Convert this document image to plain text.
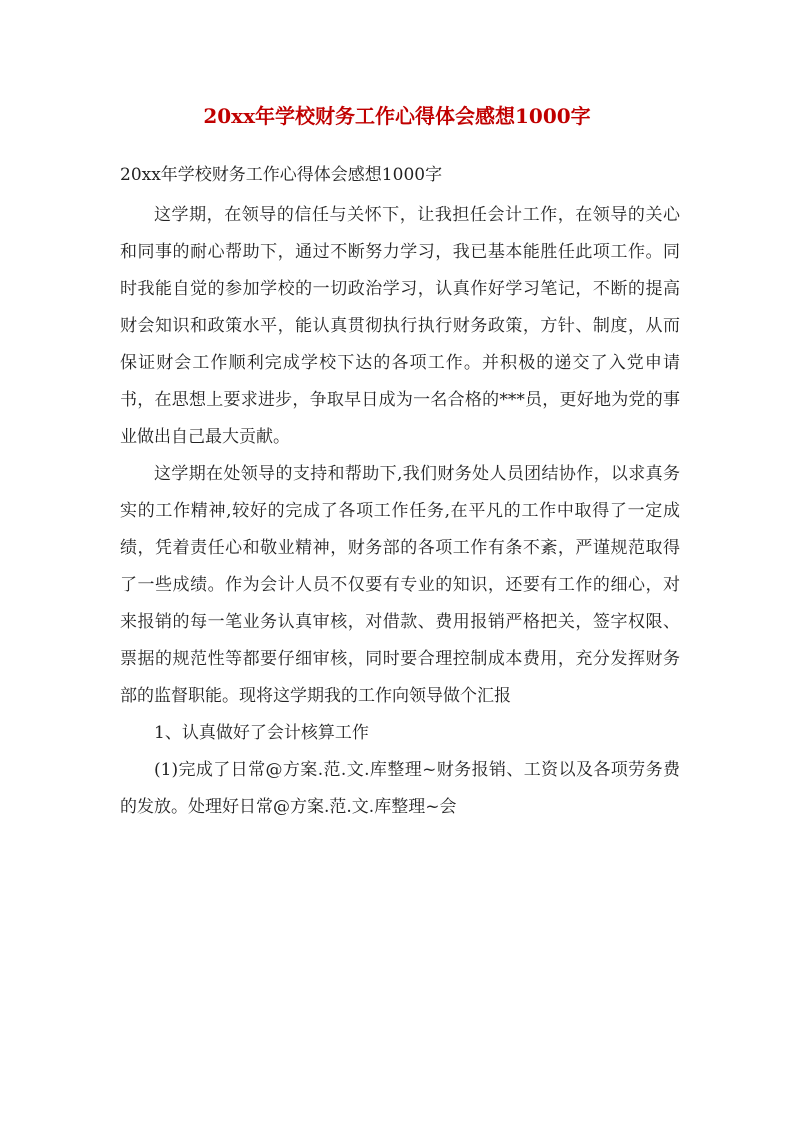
20xx年学校财务工作心得体会感想1000字

20xx年学校财务工作心得体会感想1000字

这学期，在领导的信任与关怀下，让我担任会计工作，在领导的关心和同事的耐心帮助下，通过不断努力学习，我已基本能胜任此项工作。同时我能自觉的参加学校的一切政治学习，认真作好学习笔记，不断的提高财会知识和政策水平，能认真贯彻执行执行财务政策，方针、制度，从而保证财会工作顺利完成学校下达的各项工作。并积极的递交了入党申请书，在思想上要求进步，争取早日成为一名合格的***员，更好地为党的事业做出自己最大贡献。

这学期在处领导的支持和帮助下,我们财务处人员团结协作，以求真务实的工作精神,较好的完成了各项工作任务,在平凡的工作中取得了一定成绩，凭着责任心和敬业精神，财务部的各项工作有条不紊，严谨规范取得了一些成绩。作为会计人员不仅要有专业的知识，还要有工作的细心，对来报销的每一笔业务认真审核，对借款、费用报销严格把关，签字权限、票据的规范性等都要仔细审核，同时要合理控制成本费用，充分发挥财务部的监督职能。现将这学期我的工作向领导做个汇报

1、认真做好了会计核算工作

(1)完成了日常@方案.范.文.库整理~财务报销、工资以及各项劳务费的发放。处理好日常@方案.范.文.库整理~会
